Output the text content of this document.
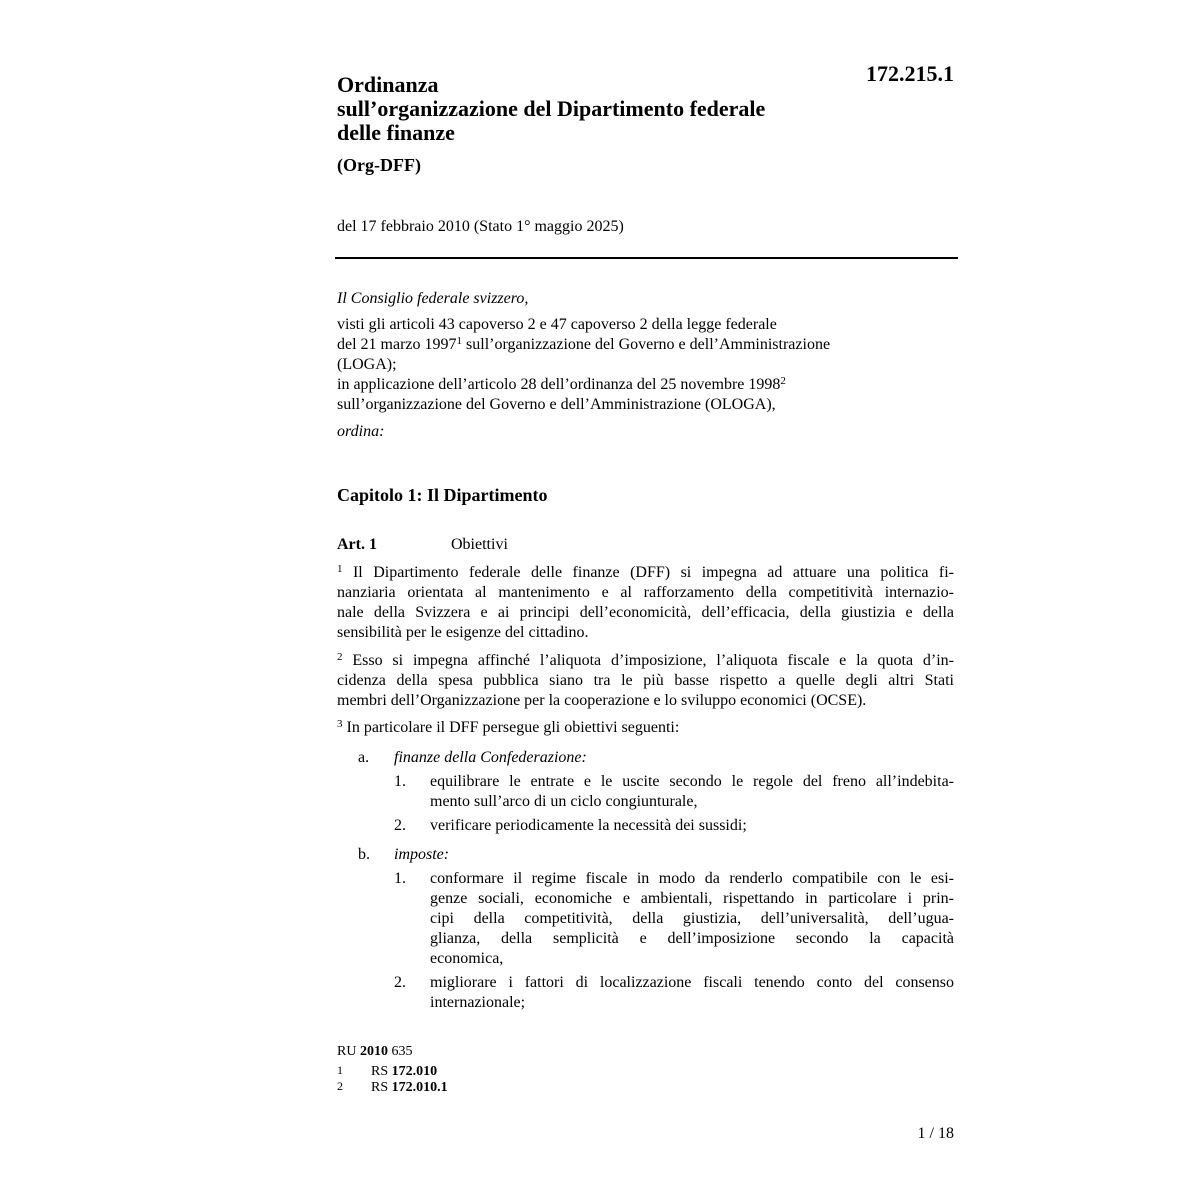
172.215.1
Ordinanza
sull’organizzazione del Dipartimento federale
delle finanze
(Org-DFF)
del 17 febbraio 2010 (Stato 1° maggio 2025)
Il Consiglio federale svizzero,
visti gli articoli 43 capoverso 2 e 47 capoverso 2 della legge federale
del 21 marzo 1997$^1$ sull’organizzazione del Governo e dell’Amministrazione
(LOGA);
in applicazione dell’articolo 28 dell’ordinanza del 25 novembre 1998$^2$
sull’organizzazione del Governo e dell’Amministrazione (OLOGA),
ordina:
Capitolo 1: Il Dipartimento
Art. 1	Obiettivi
$^1$ Il Dipartimento federale delle finanze (DFF) si impegna ad attuare una politica fi-
nanziaria orientata al mantenimento e al rafforzamento della competitività internazio-
nale della Svizzera e ai principi dell’economicità, dell’efficacia, della giustizia e della
sensibilità per le esigenze del cittadino.
$^2$ Esso si impegna affinché l’aliquota d’imposizione, l’aliquota fiscale e la quota d’in-
cidenza della spesa pubblica siano tra le più basse rispetto a quelle degli altri Stati
membri dell’Organizzazione per la cooperazione e lo sviluppo economici (OCSE).
$^3$ In particolare il DFF persegue gli obiettivi seguenti:
a. finanze della Confederazione:
1. equilibrare le entrate e le uscite secondo le regole del freno all’indebita-
mento sull’arco di un ciclo congiunturale,
2. verificare periodicamente la necessità dei sussidi;
b. imposte:
1. conformare il regime fiscale in modo da renderlo compatibile con le esi-
genze sociali, economiche e ambientali, rispettando in particolare i prin-
cipi della competitività, della giustizia, dell’universalità, dell’ugua-
glianza, della semplicità e dell’imposizione secondo la capacità
economica,
2. migliorare i fattori di localizzazione fiscali tenendo conto del consenso
internazionale;
RU 2010 635
1 RS 172.010
2 RS 172.010.1
1 / 18
